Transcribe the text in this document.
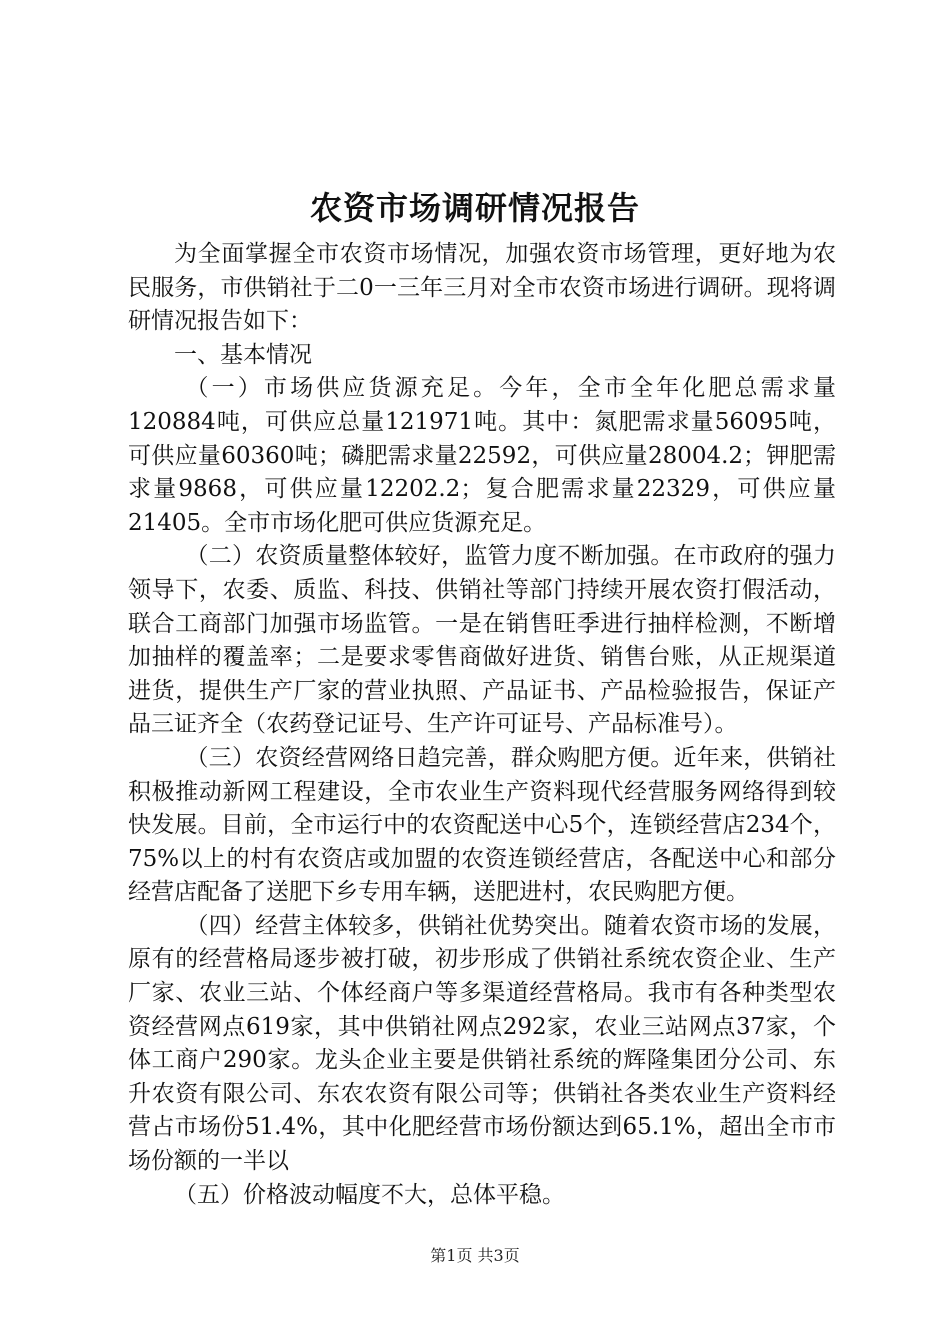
农资市场调研情况报告

为全面掌握全市农资市场情况，加强农资市场管理，更好地为农民服务，市供销社于二0一三年三月对全市农资市场进行调研。现将调研情况报告如下：

一、基本情况

（一）市场供应货源充足。今年，全市全年化肥总需求量120884吨，可供应总量121971吨。其中：氮肥需求量56095吨，可供应量60360吨；磷肥需求量22592，可供应量28004.2；钾肥需求量9868，可供应量12202.2；复合肥需求量22329，可供应量21405。全市市场化肥可供应货源充足。

（二）农资质量整体较好，监管力度不断加强。在市政府的强力领导下，农委、质监、科技、供销社等部门持续开展农资打假活动，联合工商部门加强市场监管。一是在销售旺季进行抽样检测，不断增加抽样的覆盖率；二是要求零售商做好进货、销售台账，从正规渠道进货，提供生产厂家的营业执照、产品证书、产品检验报告，保证产品三证齐全（农药登记证号、生产许可证号、产品标准号）。

（三）农资经营网络日趋完善，群众购肥方便。近年来，供销社积极推动新网工程建设，全市农业生产资料现代经营服务网络得到较快发展。目前，全市运行中的农资配送中心5个，连锁经营店234个，75%以上的村有农资店或加盟的农资连锁经营店，各配送中心和部分经营店配备了送肥下乡专用车辆，送肥进村，农民购肥方便。

（四）经营主体较多，供销社优势突出。随着农资市场的发展，原有的经营格局逐步被打破，初步形成了供销社系统农资企业、生产厂家、农业三站、个体经商户等多渠道经营格局。我市有各种类型农资经营网点619家，其中供销社网点292家，农业三站网点37家，个体工商户290家。龙头企业主要是供销社系统的辉隆集团分公司、东升农资有限公司、东农农资有限公司等；供销社各类农业生产资料经营占市场份51.4%，其中化肥经营市场份额达到65.1%，超出全市市场份额的一半以

（五）价格波动幅度不大，总体平稳。

第1页 共3页
